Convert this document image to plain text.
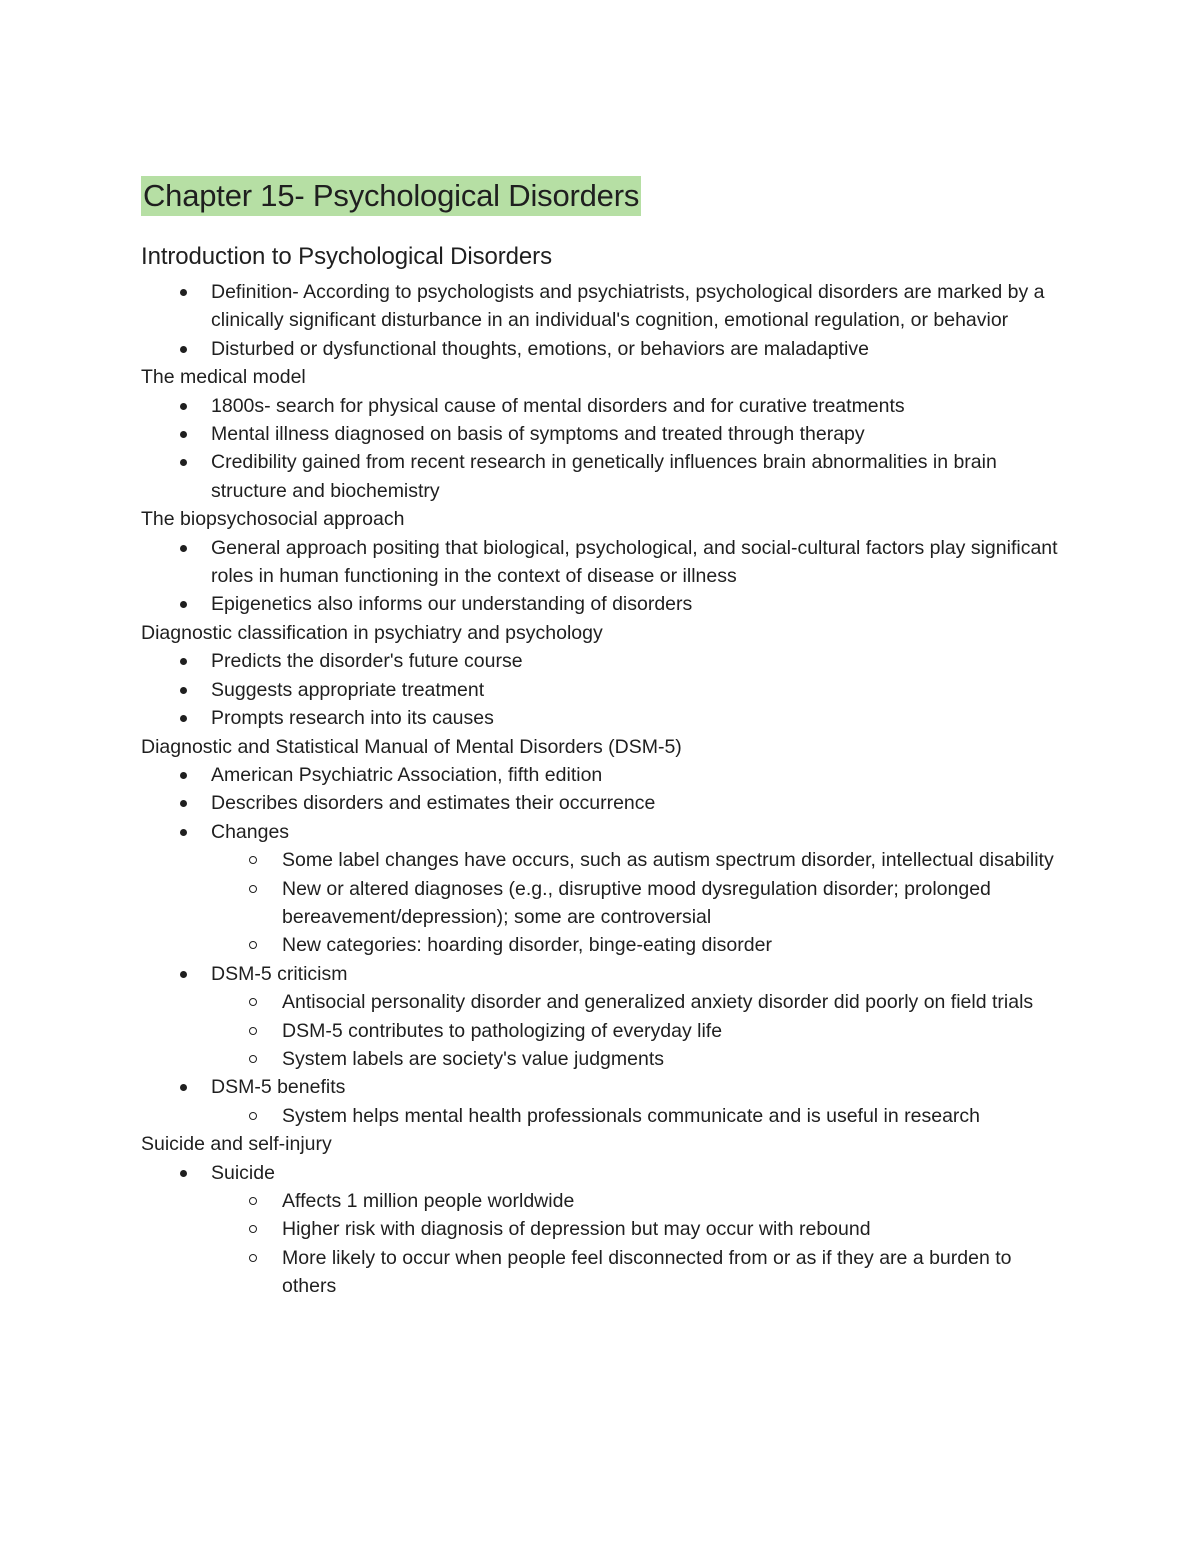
Chapter 15- Psychological Disorders
Introduction to Psychological Disorders
Definition- According to psychologists and psychiatrists, psychological disorders are marked by a clinically significant disturbance in an individual's cognition, emotional regulation, or behavior
Disturbed or dysfunctional thoughts, emotions, or behaviors are maladaptive

The medical model

1800s- search for physical cause of mental disorders and for curative treatments
Mental illness diagnosed on basis of symptoms and treated through therapy
Credibility gained from recent research in genetically influences brain abnormalities in brain structure and biochemistry

The biopsychosocial approach

General approach positing that biological, psychological, and social-cultural factors play significant roles in human functioning in the context of disease or illness
Epigenetics also informs our understanding of disorders

Diagnostic classification in psychiatry and psychology

Predicts the disorder's future course
Suggests appropriate treatment
Prompts research into its causes

Diagnostic and Statistical Manual of Mental Disorders (DSM-5)

American Psychiatric Association, fifth edition
Describes disorders and estimates their occurrence
Changes
Some label changes have occurs, such as autism spectrum disorder, intellectual disability
New or altered diagnoses (e.g., disruptive mood dysregulation disorder; prolonged bereavement/depression); some are controversial
New categories: hoarding disorder, binge-eating disorder
DSM-5 criticism
Antisocial personality disorder and generalized anxiety disorder did poorly on field trials
DSM-5 contributes to pathologizing of everyday life
System labels are society's value judgments
DSM-5 benefits
System helps mental health professionals communicate and is useful in research

Suicide and self-injury

Suicide
Affects 1 million people worldwide
Higher risk with diagnosis of depression but may occur with rebound
More likely to occur when people feel disconnected from or as if they are a burden to others
